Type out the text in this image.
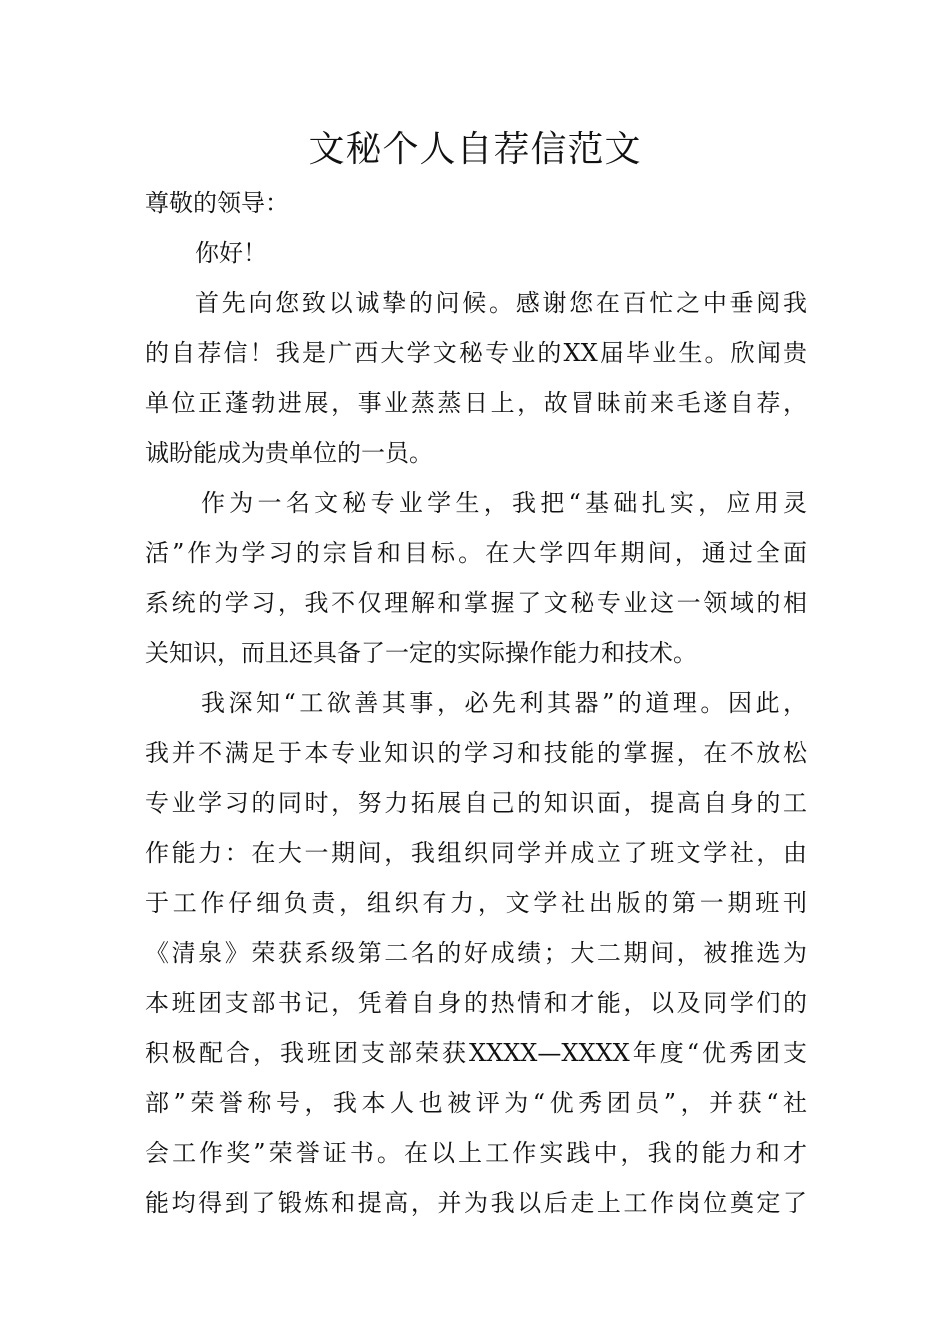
文秘个人自荐信范文
尊敬的领导：
你好！
首先向您致以诚挚的问候。感谢您在百忙之中垂阅我
的自荐信！我是广西大学文秘专业的XX届毕业生。欣闻贵
单位正蓬勃进展，事业蒸蒸日上，故冒昧前来毛遂自荐，
诚盼能成为贵单位的一员。
作为一名文秘专业学生，我把“基础扎实，应用灵
活”作为学习的宗旨和目标。在大学四年期间，通过全面
系统的学习，我不仅理解和掌握了文秘专业这一领域的相
关知识，而且还具备了一定的实际操作能力和技术。
我深知“工欲善其事，必先利其器”的道理。因此，
我并不满足于本专业知识的学习和技能的掌握，在不放松
专业学习的同时，努力拓展自己的知识面，提高自身的工
作能力：在大一期间，我组织同学并成立了班文学社，由
于工作仔细负责，组织有力，文学社出版的第一期班刊
《清泉》荣获系级第二名的好成绩；大二期间，被推选为
本班团支部书记，凭着自身的热情和才能，以及同学们的
积极配合，我班团支部荣获XXXX—XXXX年度“优秀团支
部”荣誉称号，我本人也被评为“优秀团员”，并获“社
会工作奖”荣誉证书。在以上工作实践中，我的能力和才
能均得到了锻炼和提高，并为我以后走上工作岗位奠定了
